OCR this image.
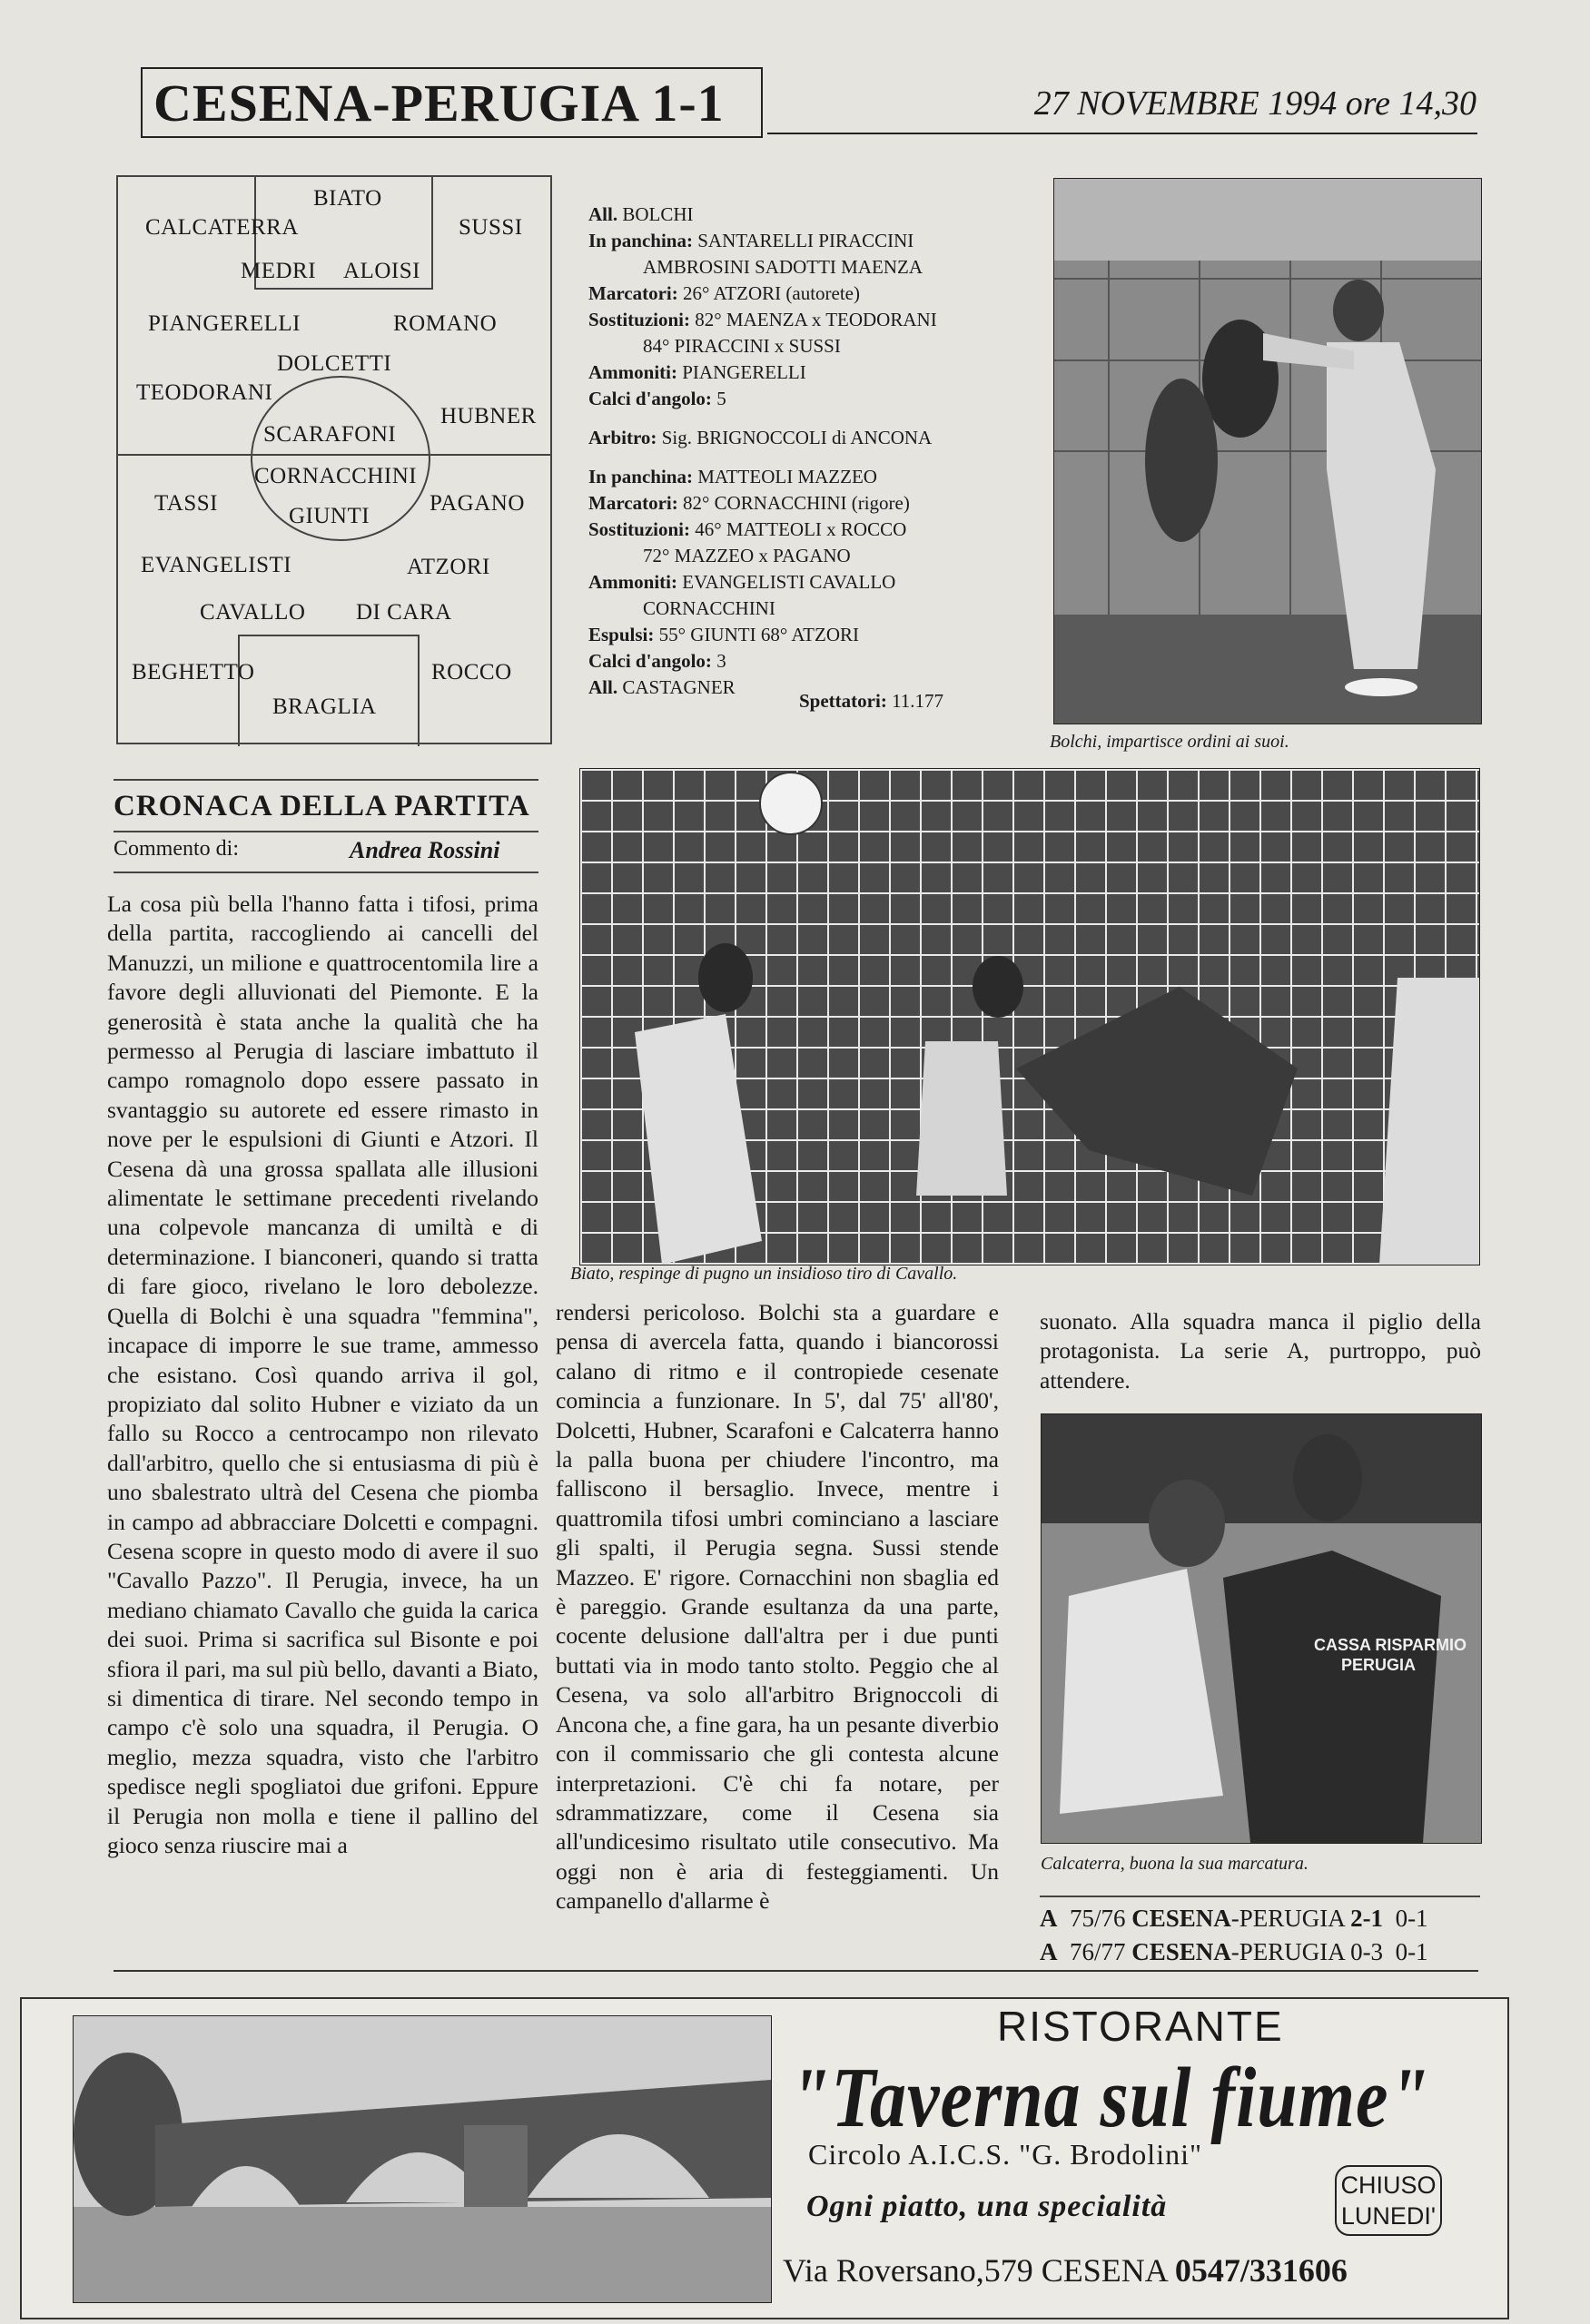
CESENA-PERUGIA 1-1	27 NOVEMBRE 1994 ore 14,30
BIATO
CALCATERRA	SUSSI
MEDRI ALOISI
PIANGERELLI	ROMANO
DOLCETTI
TEODORANI
HUBNER
SCARAFONI
CORNACCHINI
TASSI	PAGANO
GIUNTI
EVANGELISTI	ATZORI
CAVALLO DI CARA
BEGHETTO	ROCCO
BRAGLIA
All. BOLCHI
In panchina: SANTARELLI PIRACCINI
AMBROSINI SADOTTI MAENZA
Marcatori: 26° ATZORI (autorete)
Sostituzioni: 82° MAENZA x TEODORANI
84° PIRACCINI x SUSSI
Ammoniti: PIANGERELLI
Calci d'angolo: 5
Arbitro: Sig. BRIGNOCCOLI di ANCONA
In panchina: MATTEOLI MAZZEO
Marcatori: 82° CORNACCHINI (rigore)
Sostituzioni: 46° MATTEOLI x ROCCO
72° MAZZEO x PAGANO
Ammoniti: EVANGELISTI CAVALLO
CORNACCHINI
Espulsi: 55° GIUNTI 68° ATZORI
Calci d'angolo: 3
All. CASTAGNER
Spettatori: 11.177
Bolchi, impartisce ordini ai suoi.
Biato, respinge di pugno un insidioso tiro di Cavallo.
CASSA RISPARMIO
PERUGIA
Calcaterra, buona la sua marcatura.
CRONACA DELLA PARTITA
Commento di:	Andrea Rossini

La cosa più bella l'hanno fatta i tifosi, prima della partita, raccogliendo ai cancelli del Manuzzi, un milione e quattrocentomila lire a favore degli alluvionati del Piemonte. E la generosità è stata anche la qualità che ha permesso al Perugia di lasciare imbattuto il campo romagnolo dopo essere passato in svantaggio su autorete ed essere rimasto in nove per le espulsioni di Giunti e Atzori. Il Cesena dà una grossa spallata alle illusioni alimentate le settimane precedenti rivelando una colpevole mancanza di umiltà e di determinazione. I bianconeri, quando si tratta di fare gioco, rivelano le loro debolezze. Quella di Bolchi è una squadra "femmina", incapace di imporre le sue trame, ammesso che esistano. Così quando arriva il gol, propiziato dal solito Hubner e viziato da un fallo su Rocco a centrocampo non rilevato dall'arbitro, quello che si entusiasma di più è uno sbalestrato ultrà del Cesena che piomba in campo ad abbracciare Dolcetti e compagni. Cesena scopre in questo modo di avere il suo "Cavallo Pazzo". Il Perugia, invece, ha un mediano chiamato Cavallo che guida la carica dei suoi. Prima si sacrifica sul Bisonte e poi sfiora il pari, ma sul più bello, davanti a Biato, si dimentica di tirare. Nel secondo tempo in campo c'è solo una squadra, il Perugia. O meglio, mezza squadra, visto che l'arbitro spedisce negli spogliatoi due grifoni. Eppure il Perugia non molla e tiene il pallino del gioco senza riuscire mai a

rendersi pericoloso. Bolchi sta a guardare e pensa di avercela fatta, quando i biancorossi calano di ritmo e il contropiede cesenate comincia a funzionare. In 5', dal 75' all'80', Dolcetti, Hubner, Scarafoni e Calcaterra hanno la palla buona per chiudere l'incontro, ma falliscono il bersaglio. Invece, mentre i quattromila tifosi umbri cominciano a lasciare gli spalti, il Perugia segna. Sussi stende Mazzeo. E' rigore. Cornacchini non sbaglia ed è pareggio. Grande esultanza da una parte, cocente delusione dall'altra per i due punti buttati via in modo tanto stolto. Peggio che al Cesena, va solo all'arbitro Brignoccoli di Ancona che, a fine gara, ha un pesante diverbio con il commissario che gli contesta alcune interpretazioni. C'è chi fa notare, per sdrammatizzare, come il Cesena sia all'undicesimo risultato utile consecutivo. Ma oggi non è aria di festeggiamenti. Un campanello d'allarme è

suonato. Alla squadra manca il piglio della protagonista. La serie A, purtroppo, può attendere.

A 75/76 CESENA-PERUGIA 2-1 0-1
A 76/77 CESENA-PERUGIA 0-3 0-1
RISTORANTE
"Taverna sul fiume"
Circolo A.I.C.S. "G. Brodolini"
Ogni piatto, una specialità
Via Roversano,579 CESENA 0547/331606
CHIUSO
LUNEDI'
